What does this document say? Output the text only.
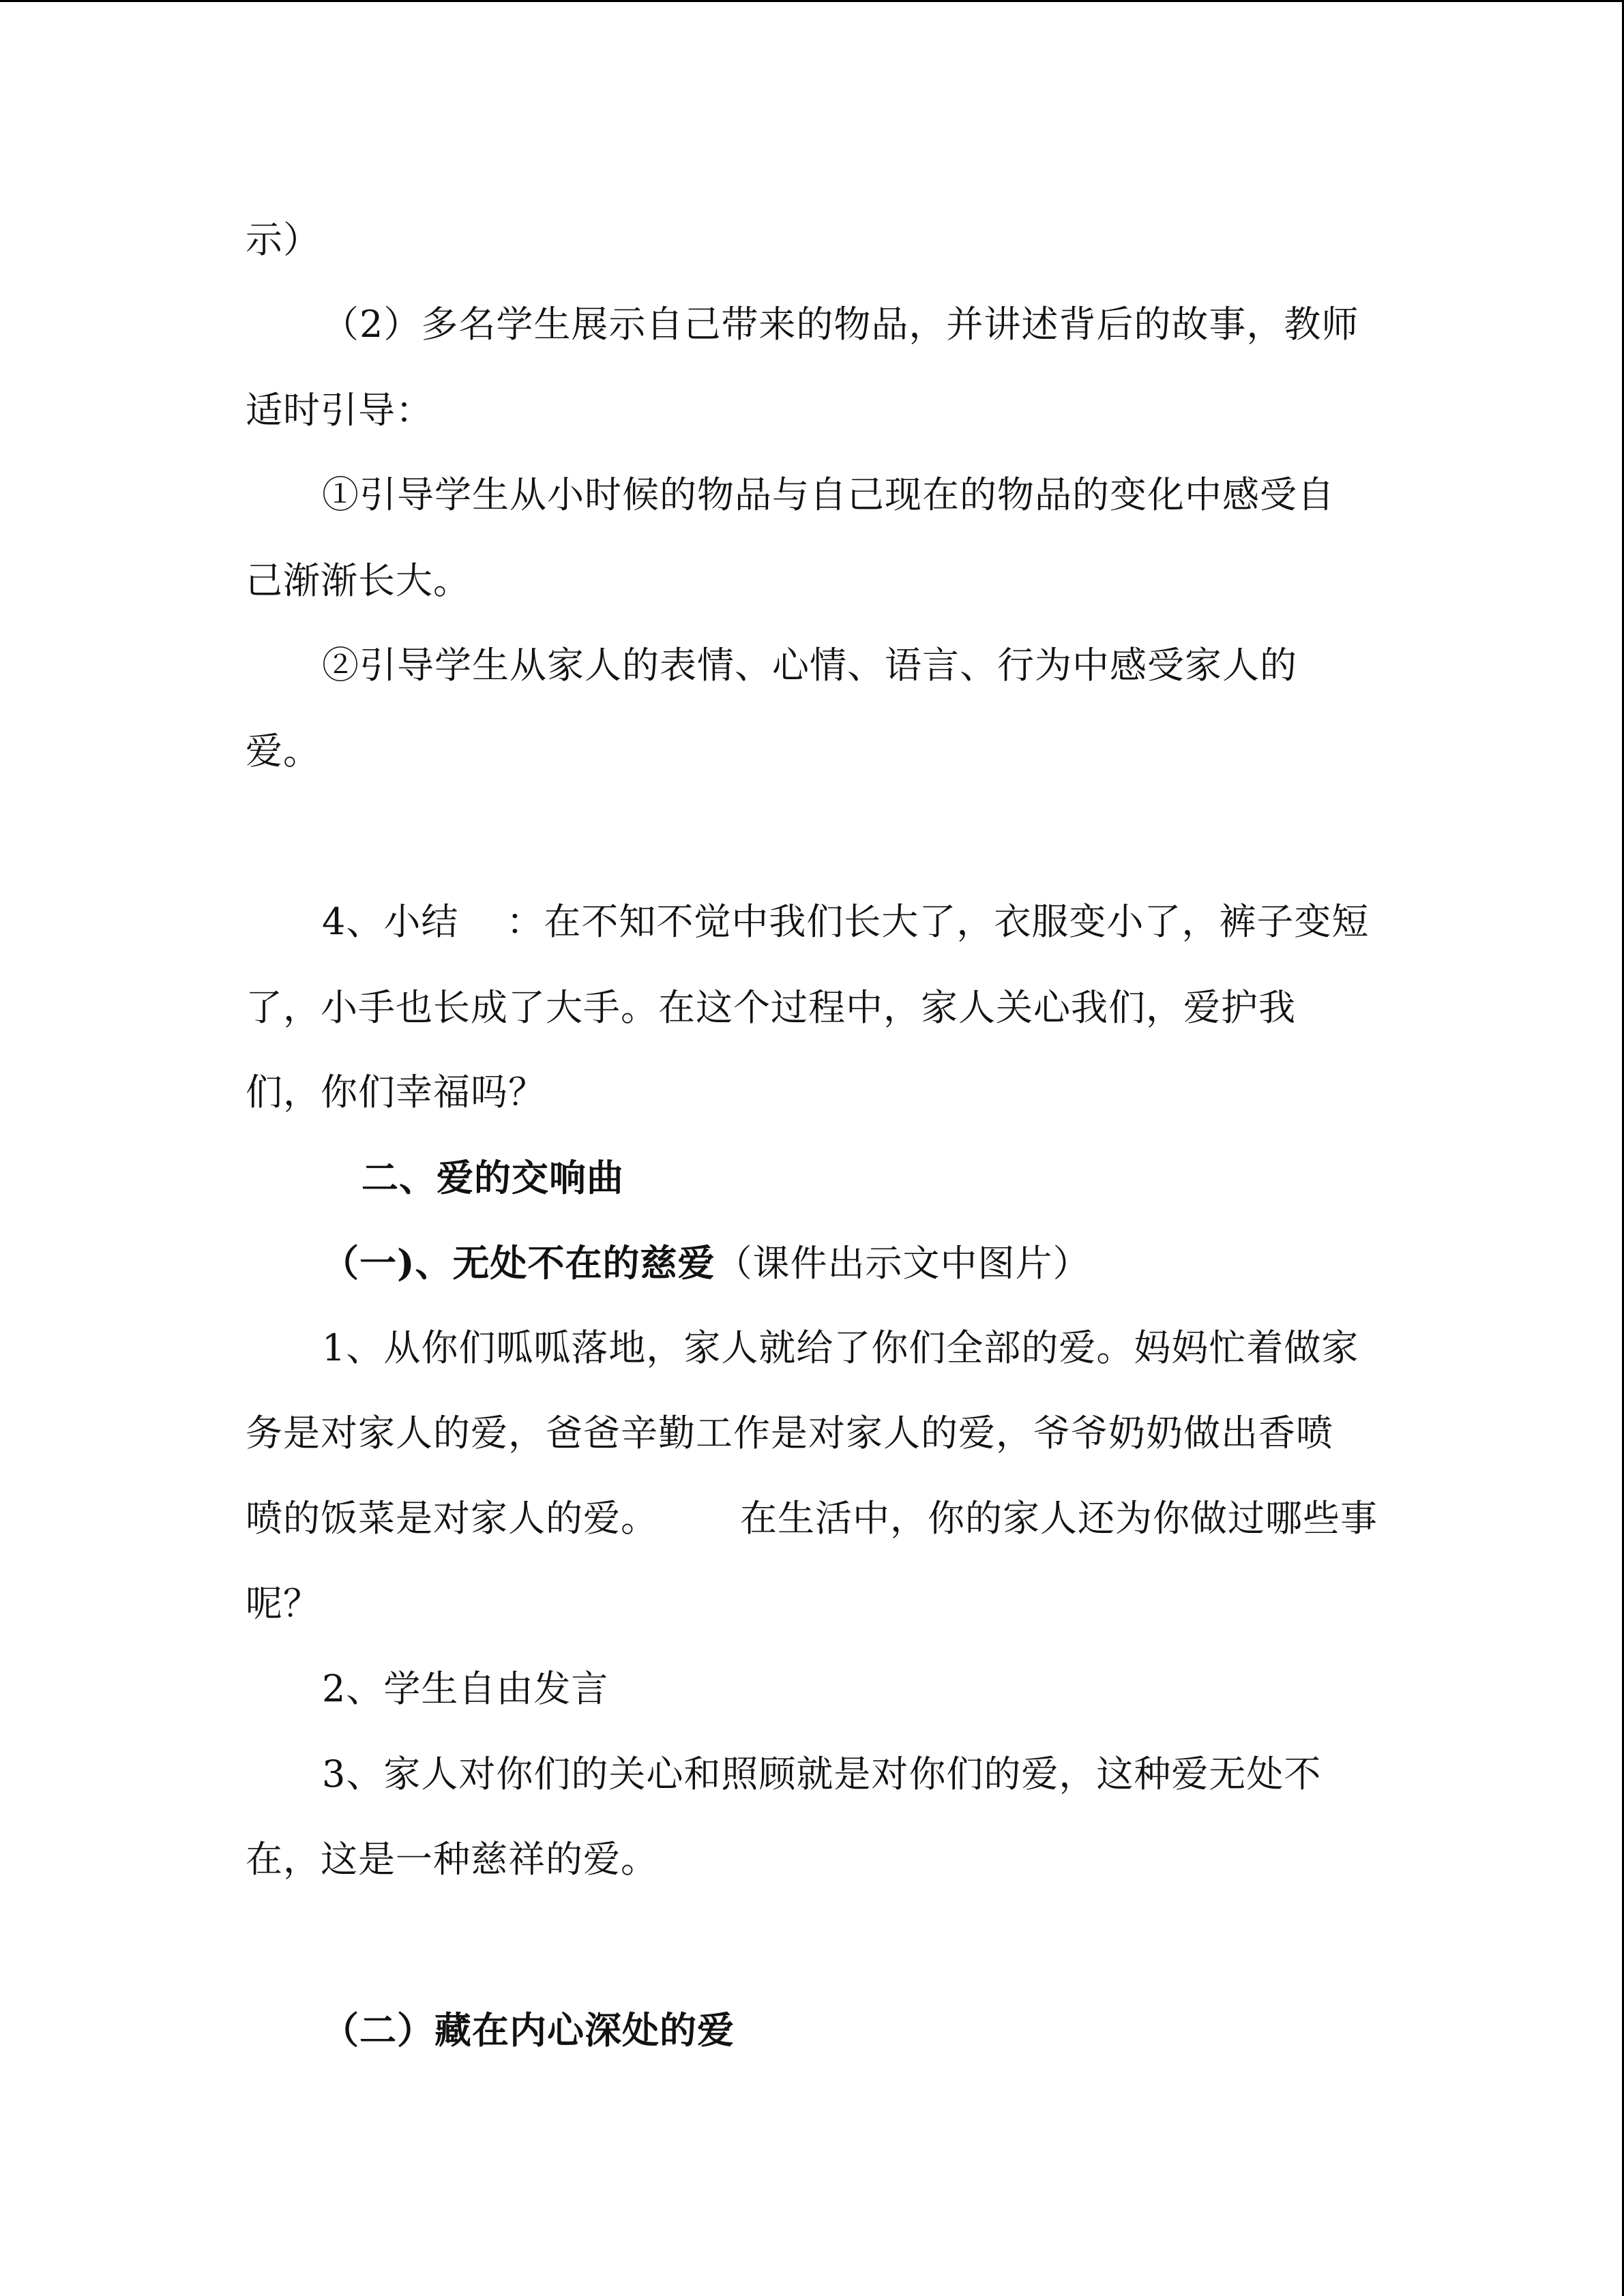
示）
（2）多名学生展示自己带来的物品，并讲述背后的故事，教师
适时引导：
①引导学生从小时候的物品与自己现在的物品的变化中感受自
己渐渐长大。
②引导学生从家人的表情、心情、语言、行为中感受家人的
爱。
4、小结 ：在不知不觉中我们长大了，衣服变小了，裤子变短
了，小手也长成了大手。在这个过程中，家人关心我们，爱护我
们，你们幸福吗？
二、爱的交响曲
（一)、无处不在的慈爱（课件出示文中图片）
1、从你们呱呱落地，家人就给了你们全部的爱。妈妈忙着做家
务是对家人的爱，爸爸辛勤工作是对家人的爱，爷爷奶奶做出香喷
喷的饭菜是对家人的爱。 在生活中，你的家人还为你做过哪些事
呢？
2、学生自由发言
3、家人对你们的关心和照顾就是对你们的爱，这种爱无处不
在，这是一种慈祥的爱。
（二）藏在内心深处的爱
